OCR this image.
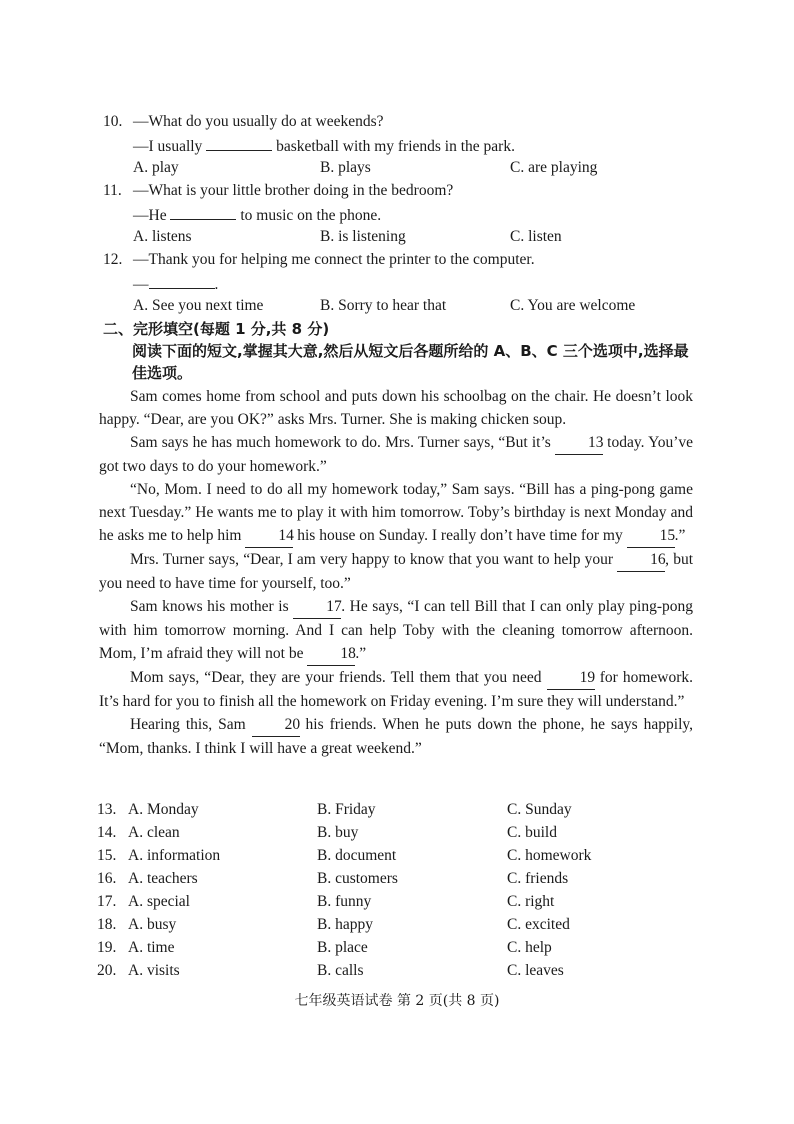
10. —What do you usually do at weekends?
—I usually	basketball with my friends in the park.
A. play	B. plays	C. are playing
11. —What is your little brother doing in the bedroom?
—He	to music on the phone.
A. listens	B. is listening	C. listen
12. —Thank you for helping me connect the printer to the computer.
—	.
A. See you next time	B. Sorry to hear that	C. You are welcome
二、完形填空(每题 1 分,共 8 分)
阅读下面的短文,掌握其大意,然后从短文后各题所给的 A、B、C 三个选项中,选择最佳选项。

Sam comes home from school and puts down his schoolbag on the chair. He doesn’t look happy. “Dear, are you OK?” asks Mrs. Turner. She is making chicken soup.

Sam says he has much homework to do. Mrs. Turner says, “But it’s 13 today. You’ve got two days to do your homework.”

“No, Mom. I need to do all my homework today,” Sam says. “Bill has a ping-pong game next Tuesday.” He wants me to play it with him tomorrow. Toby’s birthday is next Monday and he asks me to help him 14 his house on Sunday. I really don’t have time for my 15.”

Mrs. Turner says, “Dear, I am very happy to know that you want to help your 16, but you need to have time for yourself, too.”

Sam knows his mother is 17. He says, “I can tell Bill that I can only play ping-pong with him tomorrow morning. And I can help Toby with the cleaning tomorrow afternoon. Mom, I’m afraid they will not be 18.”

Mom says, “Dear, they are your friends. Tell them that you need 19 for homework. It’s hard for you to finish all the homework on Friday evening. I’m sure they will understand.”

Hearing this, Sam	20 his friends. When he puts down the phone, he says happily, “Mom, thanks. I think I will have a great weekend.”

13. A. Monday	B. Friday	C. Sunday
14. A. clean	B. buy	C. build
15. A. information	B. document	C. homework
16. A. teachers	B. customers	C. friends
17. A. special	B. funny	C. right
18. A. busy	B. happy	C. excited
19. A. time	B. place	C. help
20. A. visits	B. calls	C. leaves
七年级英语试卷 第 2 页(共 8 页)
